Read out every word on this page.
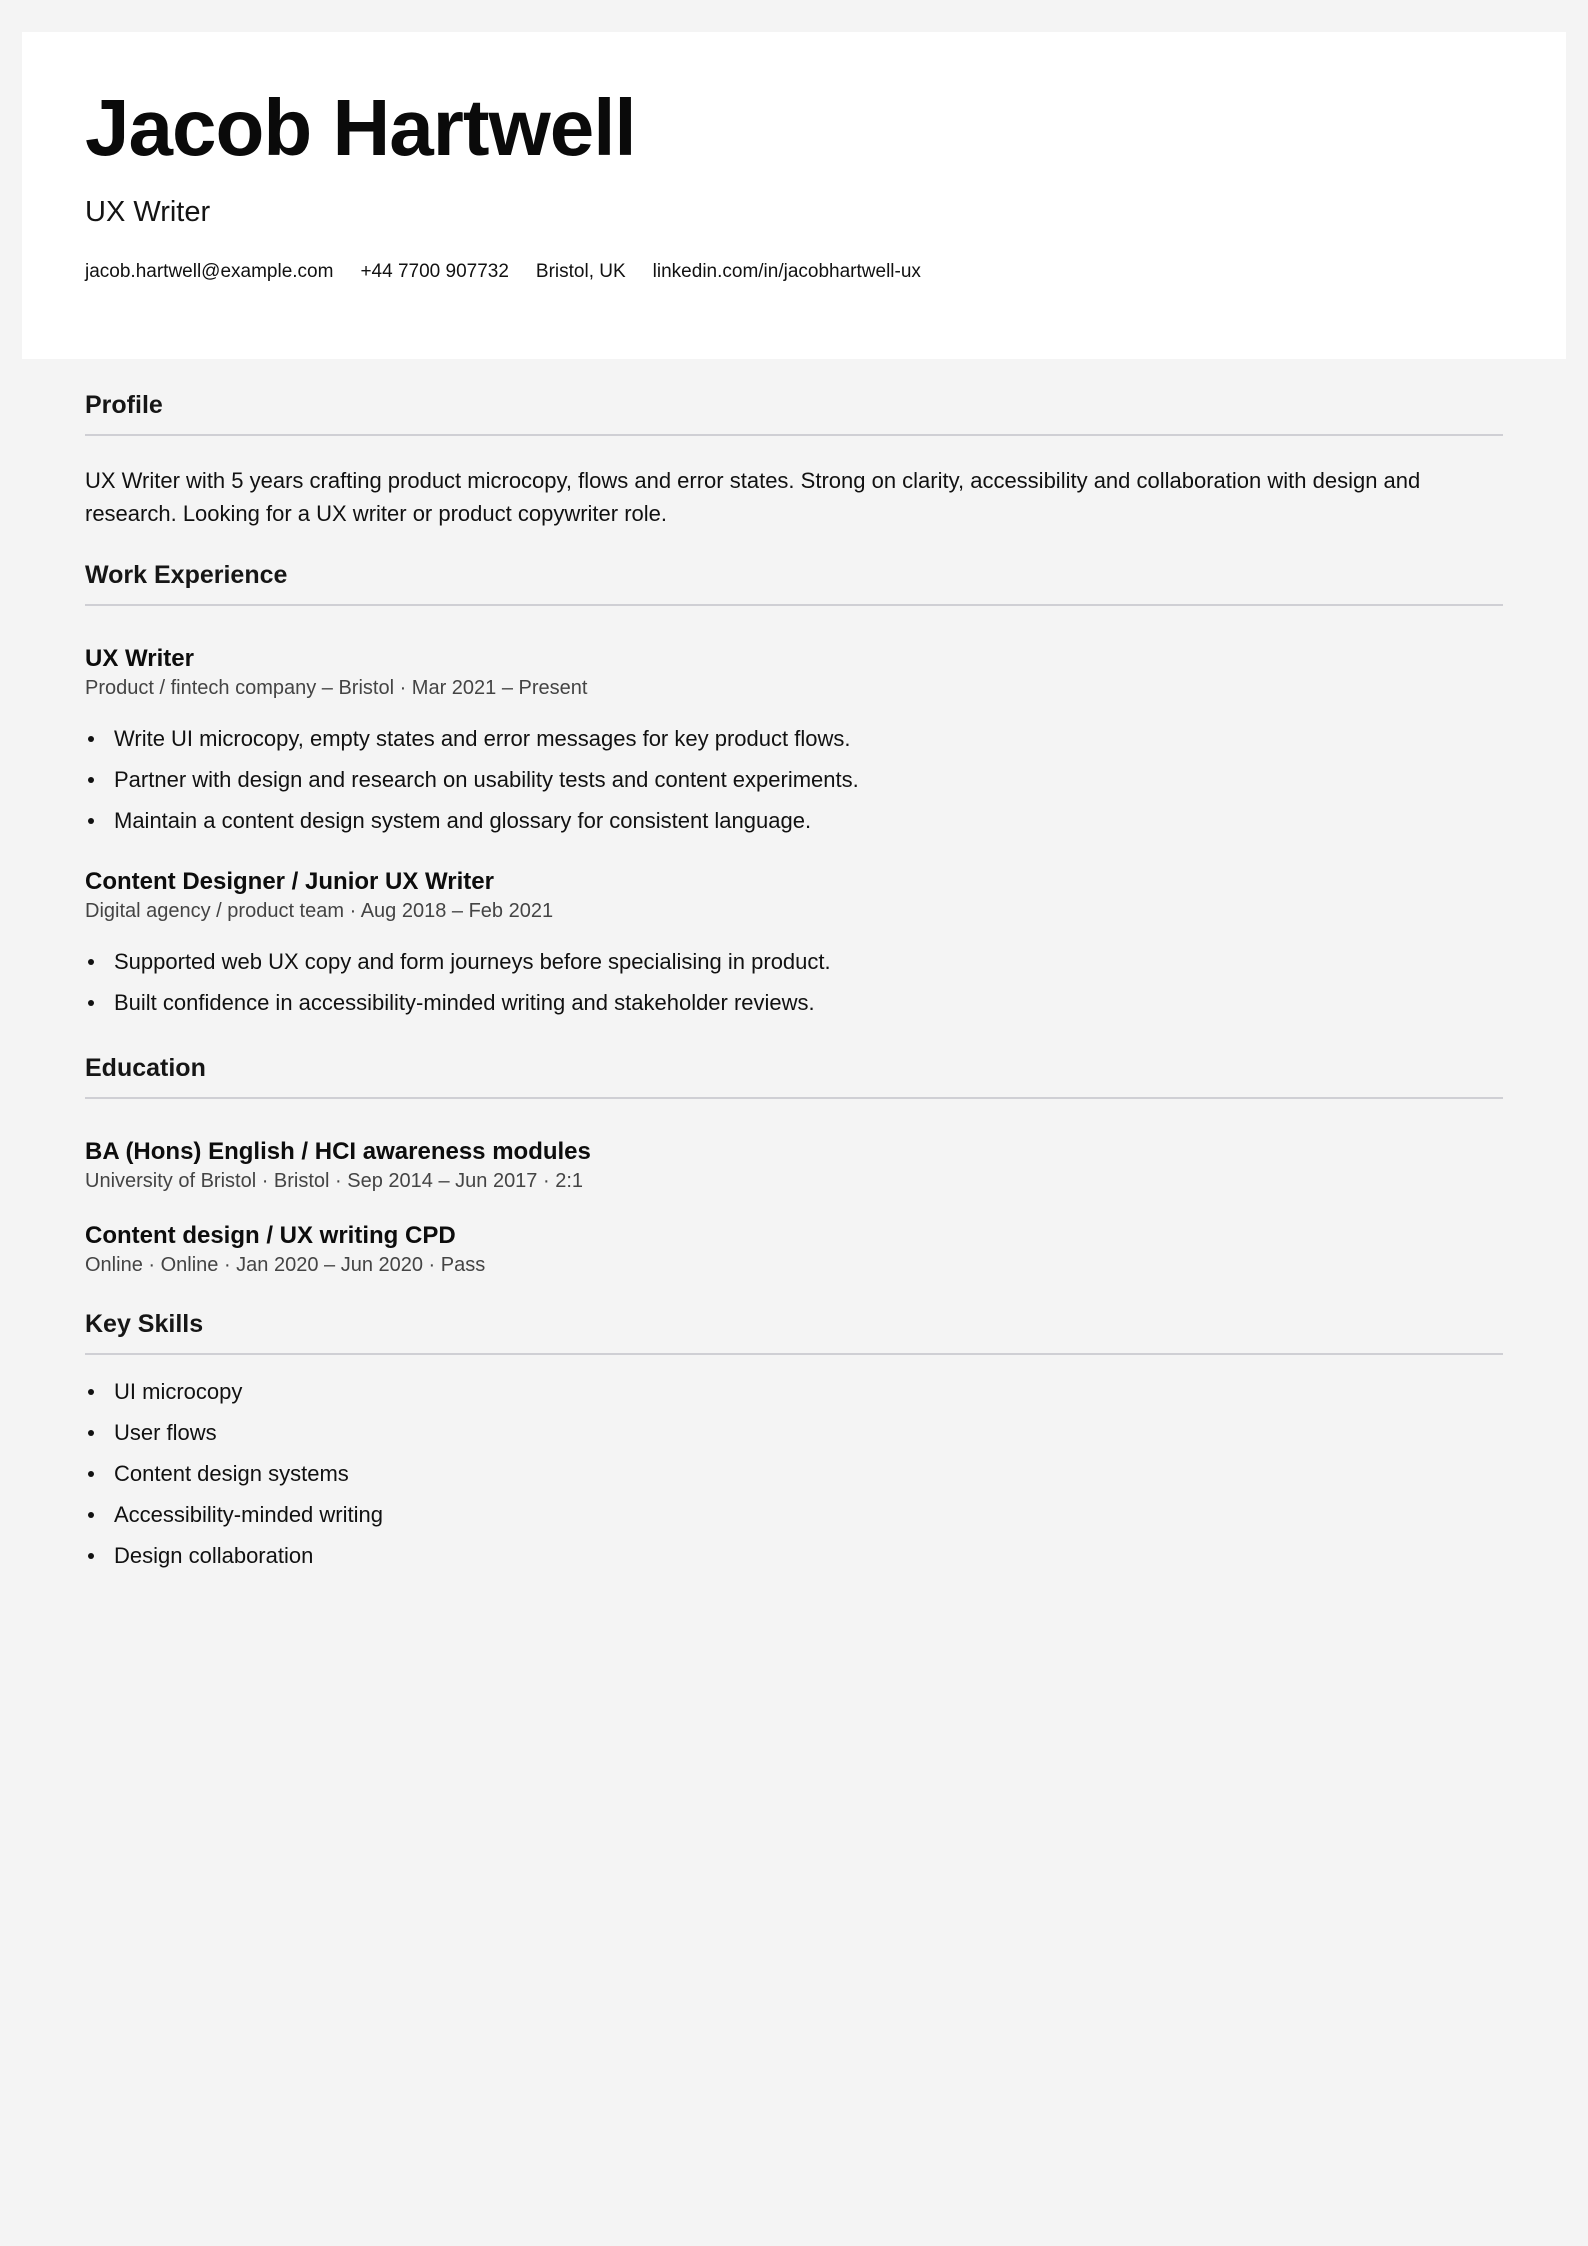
Jacob Hartwell
UX Writer
jacob.hartwell@example.com +44 7700 907732 Bristol, UK linkedin.com/in/jacobhartwell-ux
Profile

UX Writer with 5 years crafting product microcopy, flows and error states. Strong on clarity, accessibility and collaboration with design and research. Looking for a UX writer or product copywriter role.

Work Experience
UX Writer
Product / fintech company – Bristol · Mar 2021 – Present
Write UI microcopy, empty states and error messages for key product flows.
Partner with design and research on usability tests and content experiments.
Maintain a content design system and glossary for consistent language.
Content Designer / Junior UX Writer
Digital agency / product team · Aug 2018 – Feb 2021
Supported web UX copy and form journeys before specialising in product.
Built confidence in accessibility-minded writing and stakeholder reviews.
Education
BA (Hons) English / HCI awareness modules
University of Bristol · Bristol · Sep 2014 – Jun 2017 · 2:1
Content design / UX writing CPD
Online · Online · Jan 2020 – Jun 2020 · Pass
Key Skills
UI microcopy
User flows
Content design systems
Accessibility-minded writing
Design collaboration
